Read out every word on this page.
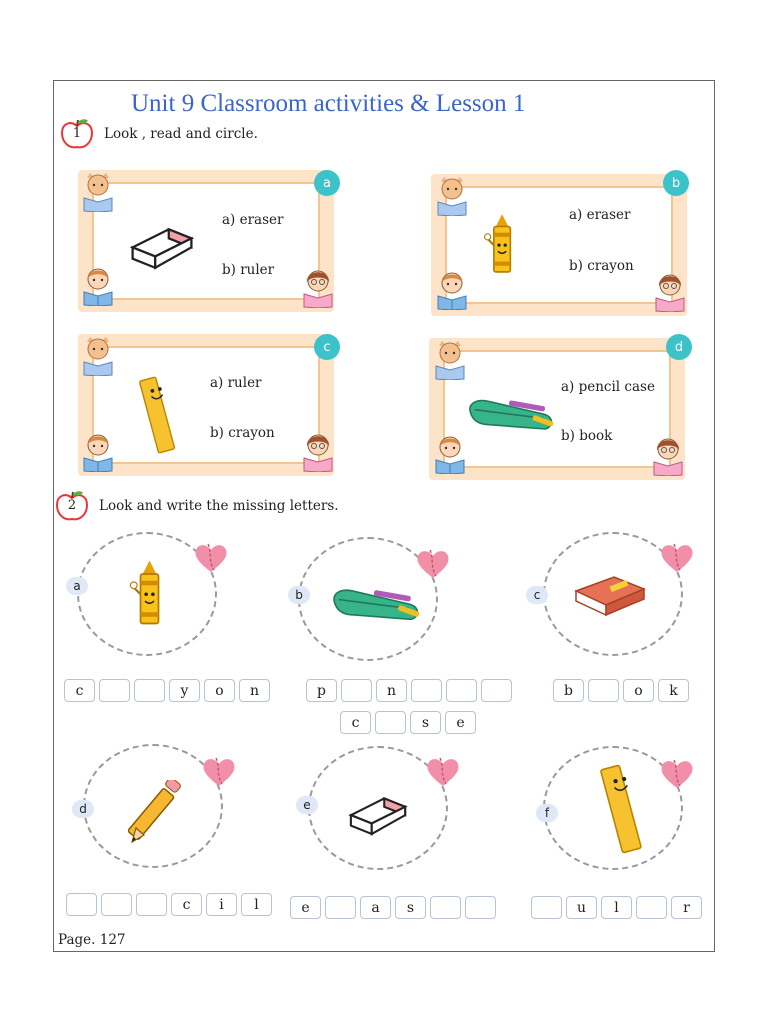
Unit 9 Classroom activities & Lesson 1
1	Look , read and circle.
a
a) eraser
b) ruler
b
a) eraser
b) crayon
c
a) ruler
b) crayon
d
a) pencil case
b) book
2	Look and write the missing letters.
a
c	y	o	n
b
p	n
c	s	e
c
b	o	k
d
c	i	l
e
e	a	s
f
u	l	r
Page. 127
